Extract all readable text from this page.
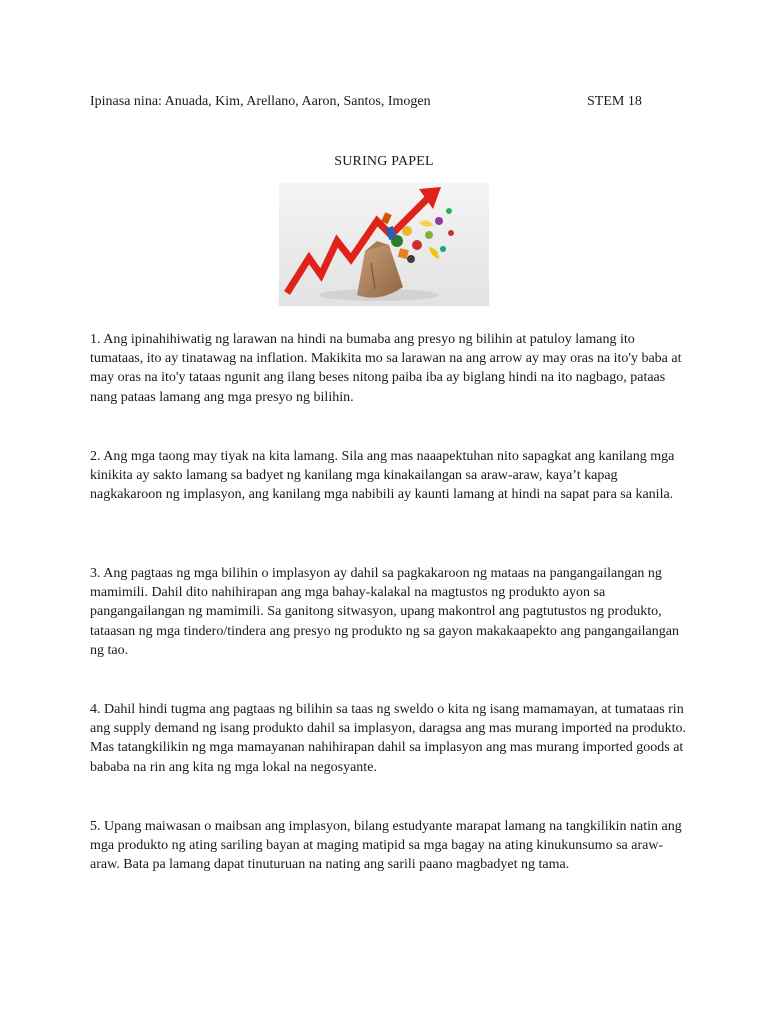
Ipinasa nina: Anuada, Kim, Arellano, Aaron, Santos, Imogen	STEM 18
SURING PAPEL

1. Ang ipinahihiwatig ng larawan na hindi na bumaba ang presyo ng bilihin at patuloy lamang ito tumataas, ito ay tinatawag na inflation. Makikita mo sa larawan na ang arrow ay may oras na ito'y baba at may oras na ito'y tataas ngunit ang ilang beses nitong paiba iba ay biglang hindi na ito nagbago, pataas nang pataas lamang ang mga presyo ng bilihin.

2. Ang mga taong may tiyak na kita lamang. Sila ang mas naaapektuhan nito sapagkat ang kanilang mga kinikita ay sakto lamang sa badyet ng kanilang mga kinakailangan sa araw-araw, kaya’t kapag nagkakaroon ng implasyon, ang kanilang mga nabibili ay kaunti lamang at hindi na sapat para sa kanila.

3. Ang pagtaas ng mga bilihin o implasyon ay dahil sa pagkakaroon ng mataas na pangangailangan ng mamimili. Dahil dito nahihirapan ang mga bahay-kalakal na magtustos ng produkto ayon sa pangangailangan ng mamimili. Sa ganitong sitwasyon, upang makontrol ang pagtutustos ng produkto, tataasan ng mga tindero/tindera ang presyo ng produkto ng sa gayon makakaapekto ang pangangailangan ng tao.

4. Dahil hindi tugma ang pagtaas ng bilihin sa taas ng sweldo o kita ng isang mamamayan, at tumataas rin ang supply demand ng isang produkto dahil sa implasyon, daragsa ang mas murang imported na produkto. Mas tatangkilikin ng mga mamayanan nahihirapan dahil sa implasyon ang mas murang imported goods at bababa na rin ang kita ng mga lokal na negosyante.

5. Upang maiwasan o maibsan ang implasyon, bilang estudyante marapat lamang na tangkilikin natin ang mga produkto ng ating sariling bayan at maging matipid sa mga bagay na ating kinukunsumo sa araw-araw. Bata pa lamang dapat tinuturuan na nating ang sarili paano magbadyet ng tama.
